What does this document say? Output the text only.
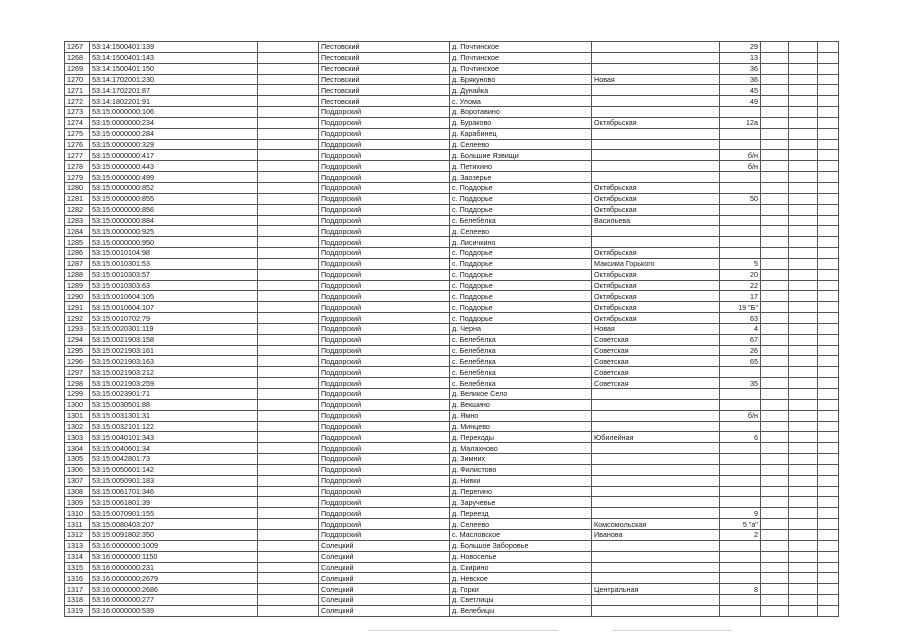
1267	53:14:1500401:139		Пестовский	д. Почтинское		29			
1268	53:14:1500401:143		Пестовский	д. Почтинское		13			
1269	53:14:1500401:150		Пестовский	д. Почтинское		36			
1270	53:14:1702001:230		Пестовский	д. Брякуново	Новая	36			
1271	53:14:1702201:87		Пестовский	д. Дунайка		45			
1272	53:14:1802201:91		Пестовский	с. Улома		49			
1273	53:15:0000000:106		Поддорский	д. Воротавино					
1274	53:15:0000000:234		Поддорский	д. Бураково	Октябрьская	12а			
1275	53:15:0000000:284		Поддорский	д. Карабинец					
1276	53:15:0000000:329		Поддорский	д. Селеево					
1277	53:15:0000000:417		Поддорский	д. Большие Язвищи		б/н			
1278	53:15:0000000:443		Поддорский	д. Петихино		б/н			
1279	53:15:0000000:499		Поддорский	д. Заозерье					
1280	53:15:0000000:852		Поддорский	с. Поддорье	Октябрьская				
1281	53:15:0000000:855		Поддорский	с. Поддорье	Октябрьская	50			
1282	53:15:0000000:856		Поддорский	с. Поддорье	Октябрьская				
1283	53:15:0000000:884		Поддорский	с. Белебёлка	Васильева				
1284	53:15:0000000:925		Поддорский	д. Селеево					
1285	53:15:0000000:950		Поддорский	д. Лисичкино					
1286	53:15:0010104:98		Поддорский	с. Поддорье	Октябрьская				
1287	53:15:0010301:53		Поддорский	с. Поддорье	Максима Горького	5			
1288	53:15:0010303:57		Поддорский	с. Поддорье	Октябрьская	20			
1289	53:15:0010303:63		Поддорский	с. Поддорье	Октябрьская	22			
1290	53:15:0010604:105		Поддорский	с. Поддорье	Октябрьская	17			
1291	53:15:0010604:107		Поддорский	с. Поддорье	Октябрьская	19 "Б"			
1292	53:15:0010702:79		Поддорский	с. Поддорье	Октябрьская	63			
1293	53:15:0020301:119		Поддорский	д. Черна	Новая	4			
1294	53:15:0021903:158		Поддорский	с. Белебёлка	Советская	67			
1295	53:15:0021903:161		Поддорский	с. Белебёлка	Советская	26			
1296	53:15:0021903:163		Поддорский	с. Белебёлка	Советская	65			
1297	53:15:0021903:212		Поддорский	с. Белебёлка	Советская				
1298	53:15:0021903:259		Поддорский	с. Белебёлка	Советская	35			
1299	53:15:0023901:71		Поддорский	д. Великое Село					
1300	53:15:0030501:88		Поддорский	д. Векшино					
1301	53:15:0031301:31		Поддорский	д. Ямно		б/н			
1302	53:15:0032101:122		Поддорский	д. Минцево					
1303	53:15:0040101:343		Поддорский	д. Переходы	Юбилейная	6			
1304	53:15:0040601:34		Поддорский	д. Малахново					
1305	53:15:0042801:73		Поддорский	д. Зимних					
1306	53:15:0050601:142		Поддорский	д. Филистово					
1307	53:15:0050901:183		Поддорский	д. Нивки					
1308	53:15:0061701:346		Поддорский	д. Перегино					
1309	53:15:0061801:39		Поддорский	д. Заручевье					
1310	53:15:0070901:155		Поддорский	д. Переезд		9			
1311	53:15:0080403:207		Поддорский	д. Селеево	Комсомольская	5 "а"			
1312	53:15:0091802:350		Поддорский	с. Масловское	Иванова	2			
1313	53:16:0000000:1009		Солецкий	д. Большое Заборовье					
1314	53:16:0000000:1150		Солецкий	д. Новоселье					
1315	53:16:0000000:231		Солецкий	д. Скирино					
1316	53:16:0000000:2679		Солецкий	д. Невское					
1317	53:16:0000000:2686		Солецкий	д. Горки	Центральная	8			
1318	53:16:0000000:277		Солецкий	д. Светлицы					
1319	53:16:0000000:539		Солецкий	д. Велебицы					
